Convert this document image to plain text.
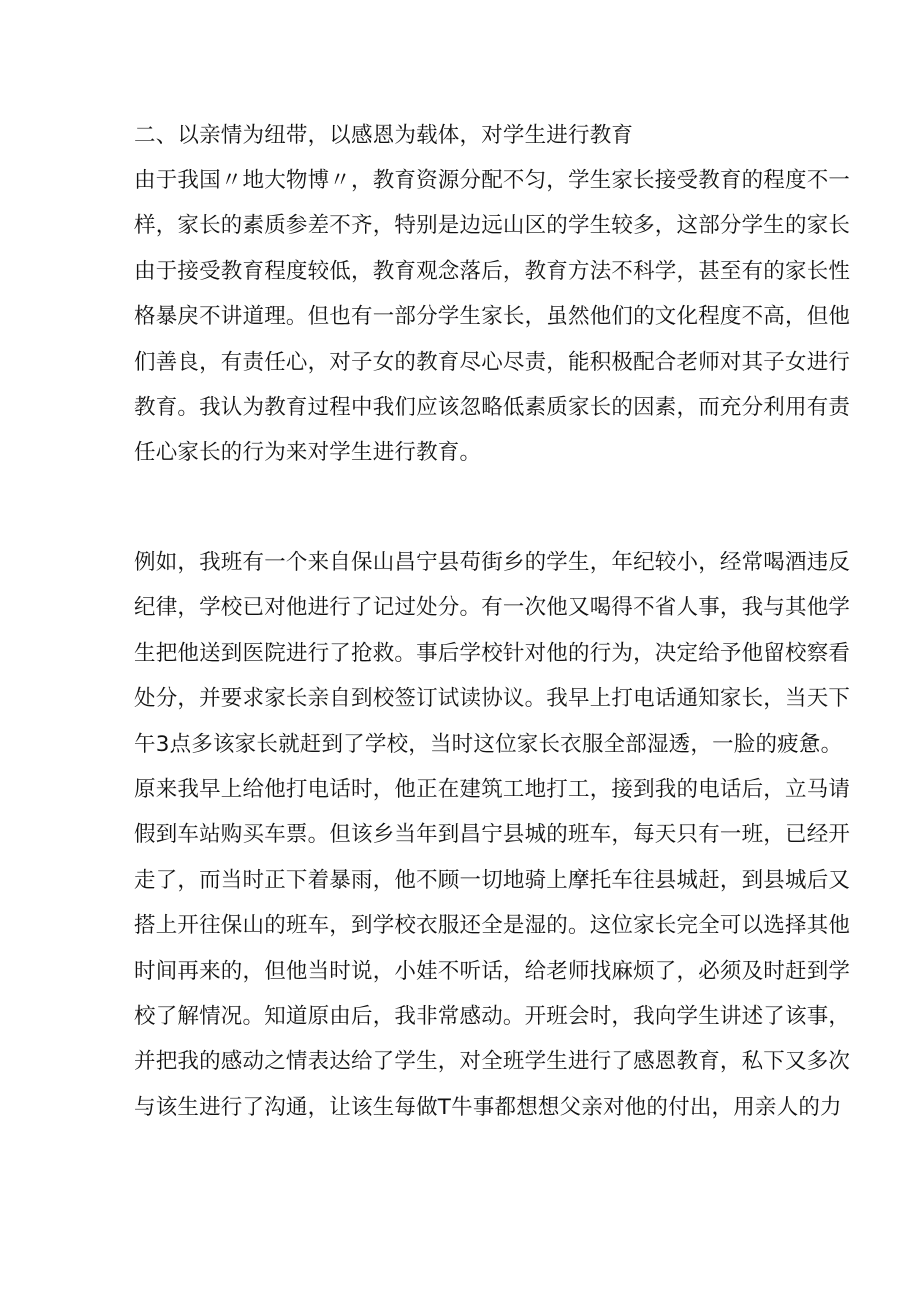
二、以亲情为纽带，以感恩为载体，对学生进行教育
由于我国〃地大物博〃，教育资源分配不匀，学生家长接受教育的程度不一
样，家长的素质参差不齐，特别是边远山区的学生较多，这部分学生的家长
由于接受教育程度较低，教育观念落后，教育方法不科学，甚至有的家长性
格暴戾不讲道理。但也有一部分学生家长，虽然他们的文化程度不高，但他
们善良，有责任心，对子女的教育尽心尽责，能积极配合老师对其子女进行
教育。我认为教育过程中我们应该忽略低素质家长的因素，而充分利用有责
任心家长的行为来对学生进行教育。
例如，我班有一个来自保山昌宁县苟街乡的学生，年纪较小，经常喝酒违反
纪律，学校已对他进行了记过处分。有一次他又喝得不省人事，我与其他学
生把他送到医院进行了抢救。事后学校针对他的行为，决定给予他留校察看
处分，并要求家长亲自到校签订试读协议。我早上打电话通知家长，当天下
午3点多该家长就赶到了学校，当时这位家长衣服全部湿透，一脸的疲惫。
原来我早上给他打电话时，他正在建筑工地打工，接到我的电话后，立马请
假到车站购买车票。但该乡当年到昌宁县城的班车，每天只有一班，已经开
走了，而当时正下着暴雨，他不顾一切地骑上摩托车往县城赶，到县城后又
搭上开往保山的班车，到学校衣服还全是湿的。这位家长完全可以选择其他
时间再来的，但他当时说，小娃不听话，给老师找麻烦了，必须及时赶到学
校了解情况。知道原由后，我非常感动。开班会时，我向学生讲述了该事，
并把我的感动之情表达给了学生，对全班学生进行了感恩教育，私下又多次
与该生进行了沟通，让该生每做T牛事都想想父亲对他的付出，用亲人的力
